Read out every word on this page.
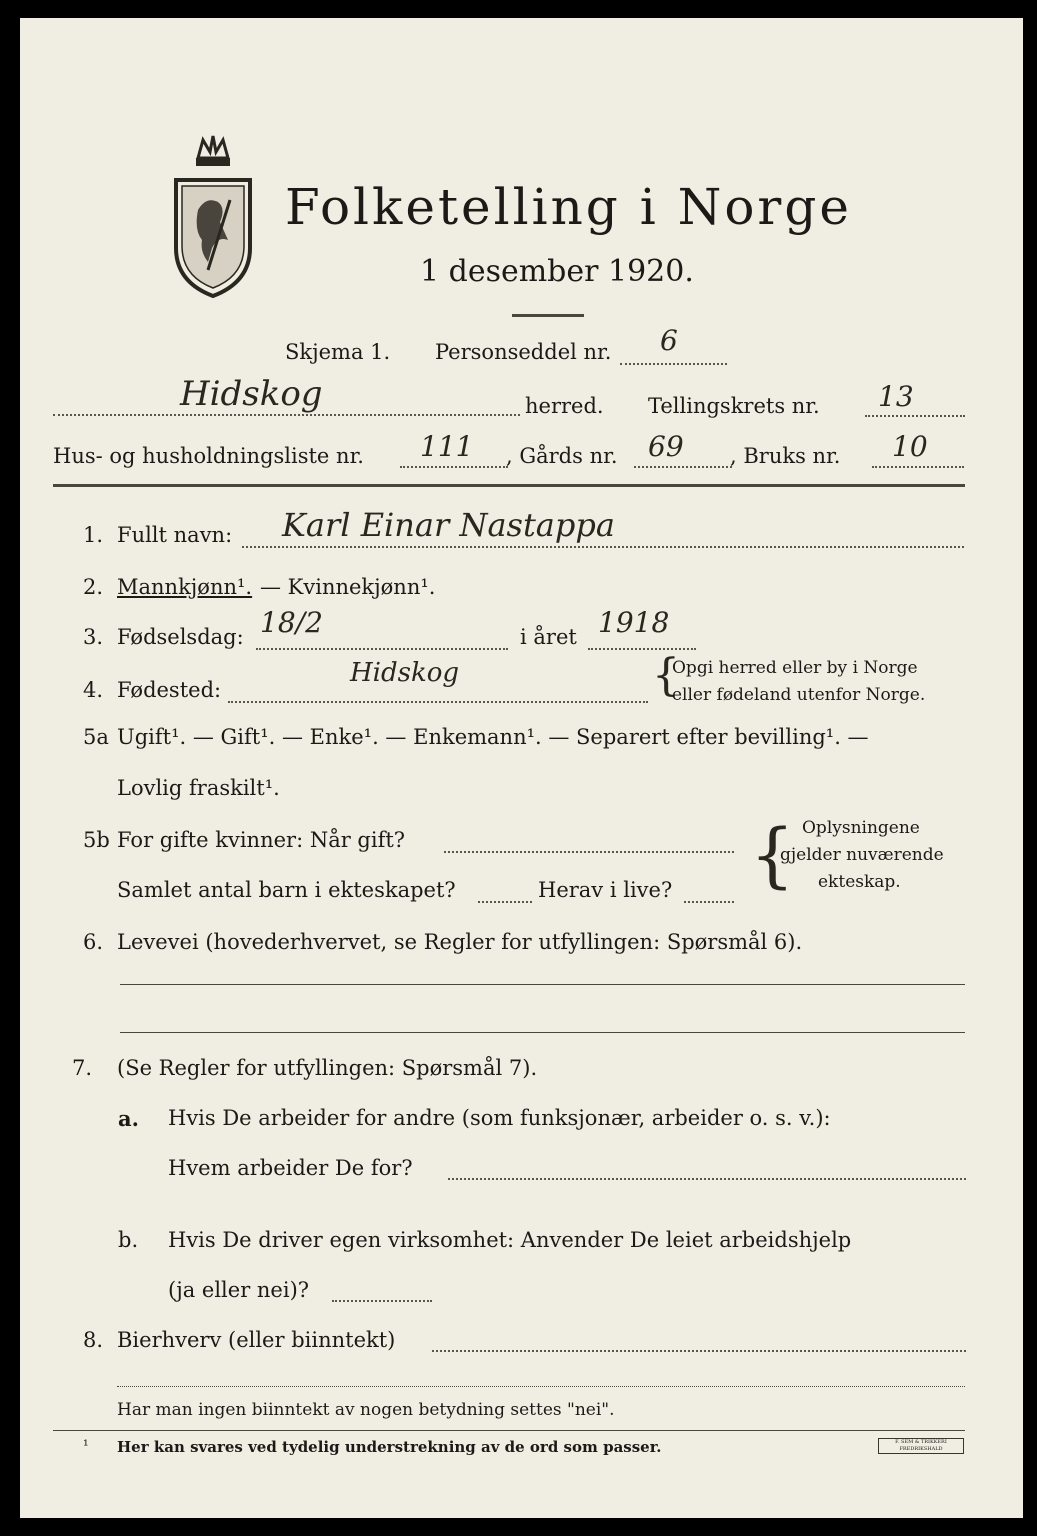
Folketelling i Norge
1 desember 1920.
Skjema 1. Personseddel nr. 6
Hidskog	herred. Tellingskrets nr. 13
Hus- og husholdningsliste nr. 111 , Gårds nr. 69 , Bruks nr. 10
1. Fullt navn: Karl Einar Nastappa
2. Mannkjønn¹. — Kvinnekjønn¹.
3. Fødselsdag: 18/2	i året 1918
4. Fødested:
Hidskog	{
Opgi herred eller by i Norge
eller fødeland utenfor Norge.
5a Ugift¹. — Gift¹. — Enke¹. — Enkemann¹. — Separert efter bevilling¹. —
Lovlig fraskilt¹.
5b For gifte kvinner: Når gift?
Samlet antal barn i ekteskapet?	Herav i live? { Oplysningene
gjelder nuværende
ekteskap.
6. Levevei (hovederhvervet, se Regler for utfyllingen: Spørsmål 6).
7. (Se Regler for utfyllingen: Spørsmål 7).
a. Hvis De arbeider for andre (som funksjonær, arbeider o. s. v.):
Hvem arbeider De for?
b. Hvis De driver egen virksomhet: Anvender De leiet arbeidshjelp
(ja eller nei)?
8. Bierhverv (eller biinntekt)
Har man ingen biinntekt av nogen betydning settes "nei".
¹ Her kan svares ved tydelig understrekning av de ord som passer.	F. SEM & TRIKKERI FREDRIKSHALD
